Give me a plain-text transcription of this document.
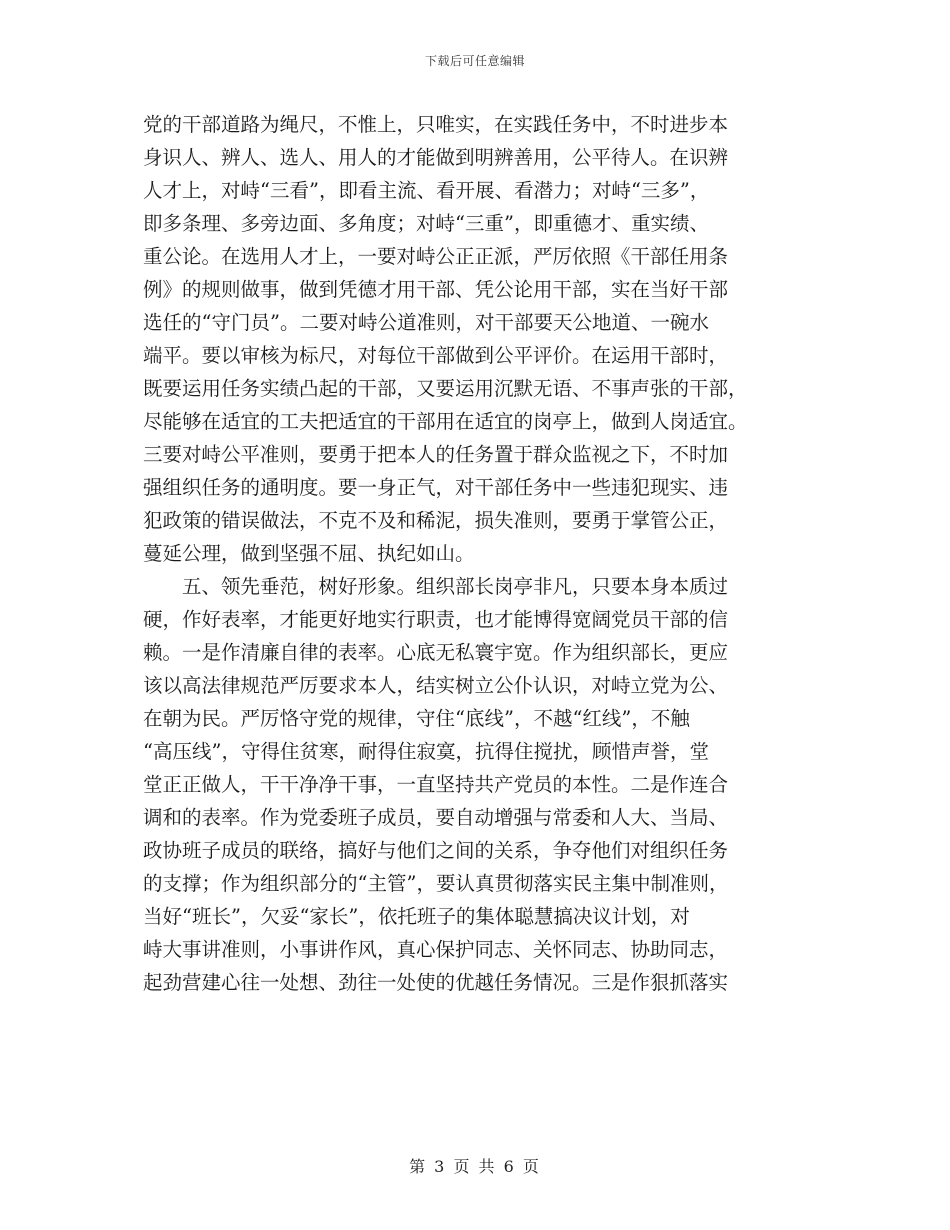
下载后可任意编辑
党的干部道路为绳尺，不惟上，只唯实，在实践任务中，不时进步本
身识人、辨人、选人、用人的才能做到明辨善用，公平待人。在识辨
人才上，对峙“三看”，即看主流、看开展、看潜力；对峙“三多”，
即多条理、多旁边面、多角度；对峙“三重”，即重德才、重实绩、
重公论。在选用人才上，一要对峙公正正派，严厉依照《干部任用条
例》的规则做事，做到凭德才用干部、凭公论用干部，实在当好干部
选任的“守门员”。二要对峙公道准则，对干部要天公地道、一碗水
端平。要以审核为标尺，对每位干部做到公平评价。在运用干部时，
既要运用任务实绩凸起的干部，又要运用沉默无语、不事声张的干部，
尽能够在适宜的工夫把适宜的干部用在适宜的岗亭上，做到人岗适宜。
三要对峙公平准则，要勇于把本人的任务置于群众监视之下，不时加
强组织任务的通明度。要一身正气，对干部任务中一些违犯现实、违
犯政策的错误做法，不克不及和稀泥，损失准则，要勇于掌管公正，
蔓延公理，做到坚强不屈、执纪如山。
　　五、领先垂范，树好形象。组织部长岗亭非凡，只要本身本质过
硬，作好表率，才能更好地实行职责，也才能博得宽阔党员干部的信
赖。一是作清廉自律的表率。心底无私寰宇宽。作为组织部长，更应
该以高法律规范严厉要求本人，结实树立公仆认识，对峙立党为公、
在朝为民。严厉恪守党的规律，守住“底线”，不越“红线”，不触
“高压线”，守得住贫寒，耐得住寂寞，抗得住搅扰，顾惜声誉，堂
堂正正做人，干干净净干事，一直坚持共产党员的本性。二是作连合
调和的表率。作为党委班子成员，要自动增强与常委和人大、当局、
政协班子成员的联络，搞好与他们之间的关系，争夺他们对组织任务
的支撑；作为组织部分的“主管”，要认真贯彻落实民主集中制准则，
当好“班长”，欠妥“家长”，依托班子的集体聪慧搞决议计划，对
峙大事讲准则，小事讲作风，真心保护同志、关怀同志、协助同志，
起劲营建心往一处想、劲往一处使的优越任务情况。三是作狠抓落实
第 3 页 共 6 页
